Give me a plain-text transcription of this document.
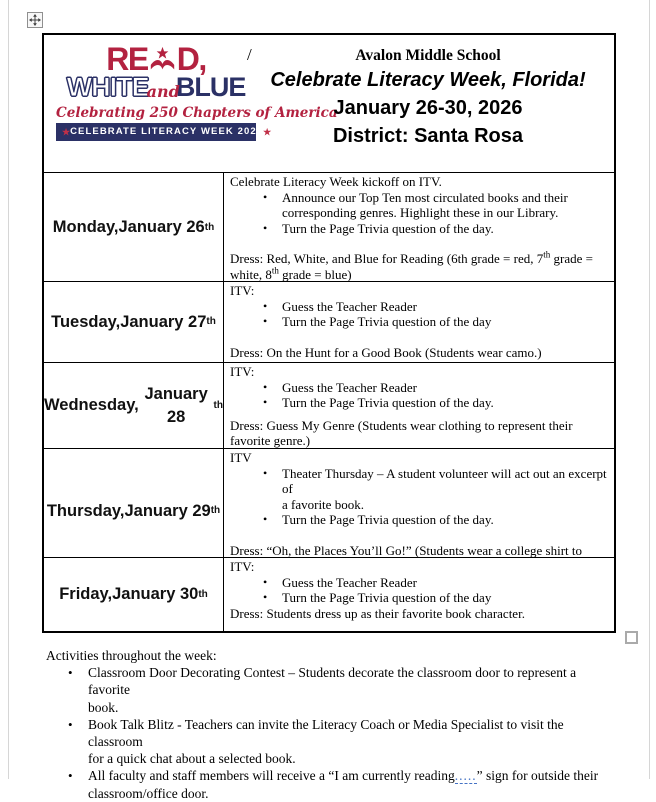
RE D,
WHITEandBLUE
Celebrating 250 Chapters of America
★ CELEBRATE LITERACY WEEK 2026 ★
/	Avalon Middle School
Celebrate Literacy Week, Florida!
January 26-30, 2026
District: Santa Rosa
Monday, January 26 th
Celebrate Literacy Week kickoff on ITV.
•	Announce our Top Ten most circulated books and their
corresponding genres. Highlight these in our Library.
•	Turn the Page Trivia question of the day.
Dress: Red, White, and Blue for Reading (6th grade = red, 7th grade =
white, 8th grade = blue)
Tuesday, January 27 th
ITV:
•	Guess the Teacher Reader
•	Turn the Page Trivia question of the day
Dress: On the Hunt for a Good Book (Students wear camo.)
Wednesday,

January 28
th
ITV:
•	Guess the Teacher Reader
•	Turn the Page Trivia question of the day.
Dress: Guess My Genre (Students wear clothing to represent their
favorite genre.)
Thursday, January 29 th
ITV
•	Theater Thursday – A student volunteer will act out an excerpt of
a favorite book.
•	Turn the Page Trivia question of the day.
Dress: “Oh, the Places You’ll Go!” (Students wear a college shirt to

Friday, January 30 th
ITV:
•	Guess the Teacher Reader
•	Turn the Page Trivia question of the day
Dress: Students dress up as their favorite book character.
Activities throughout the week:
•	Classroom Door Decorating Contest – Students decorate the classroom door to represent a favorite
book.
•	Book Talk Blitz - Teachers can invite the Literacy Coach or Media Specialist to visit the classroom
for a quick chat about a selected book.
•	All faculty and staff members will receive a “I am currently reading.....” sign for outside their
classroom/office door.
